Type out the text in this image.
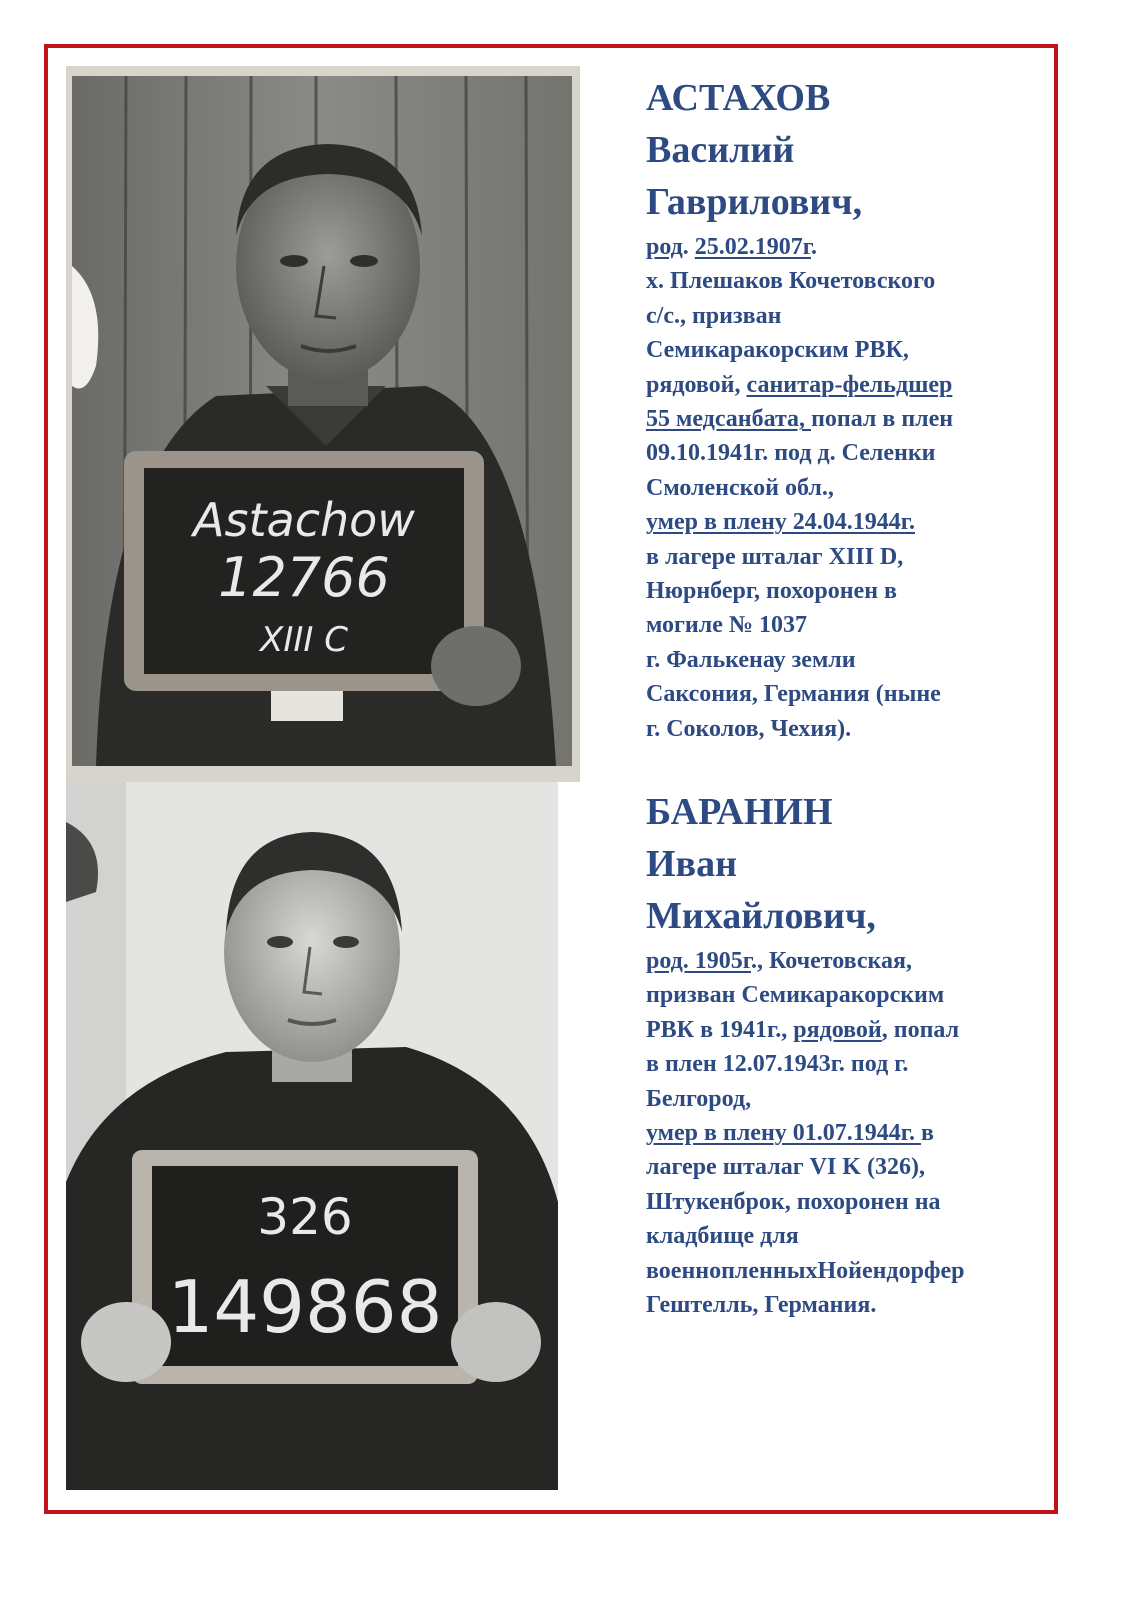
Astachow
12766
XIII C
326
149868
АСТАХОВ
Василий
Гаврилович,
род. 25.02.1907г.
х. Плешаков Кочетовского
с/с., призван
Семикаракорским РВК,
рядовой, санитар-фельдшер
55 медсанбата, попал в плен
09.10.1941г. под д. Селенки
Смоленской обл.,
умер в плену 24.04.1944г.
в лагере шталаг XIII D,
Нюрнберг, похоронен в
могиле № 1037
г. Фалькенау земли
Саксония, Германия (ныне
г. Соколов, Чехия).
БАРАНИН
Иван
Михайлович,
род. 1905г., Кочетовская,
призван Семикаракорским
РВК в 1941г., рядовой, попал
в плен 12.07.1943г. под г.
Белгород,
умер в плену 01.07.1944г. в
лагере шталаг VI K (326),
Штукенброк, похоронен на
кладбище для
военнопленныхНойендорфер
Гештелль, Германия.
